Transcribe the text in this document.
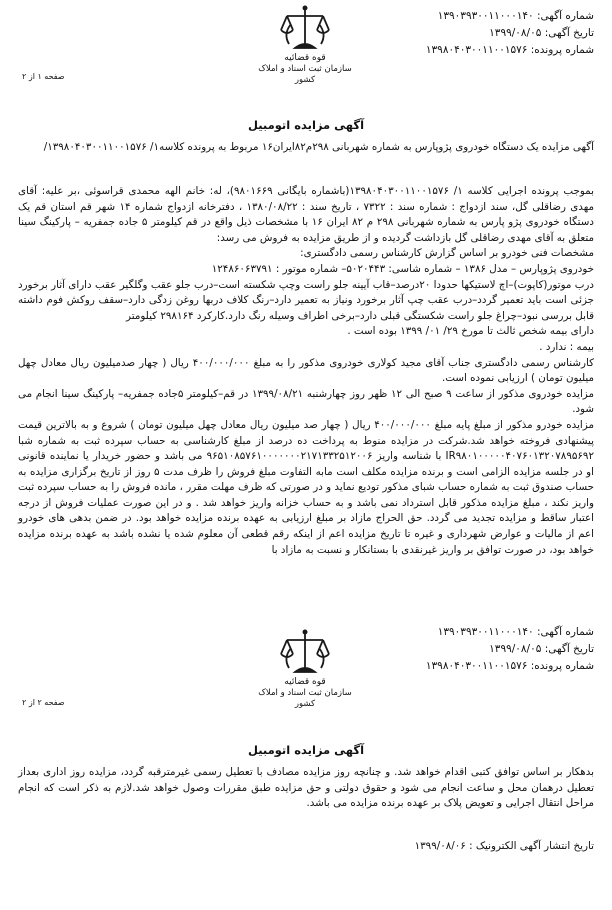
شماره آگهی: ۱۳۹۰۳۹۳۰۰۱۱۰۰۰۱۴۰
تاریخ آگهی: ۱۳۹۹/۰۸/۰۵
شماره پرونده: ۱۳۹۸۰۴۰۳۰۰۱۱۰۰۱۵۷۶
قوه قضائیه
سازمان ثبت اسناد و املاک کشور
صفحه ۱ از ۲
آگهی مزایده اتومبیل

آگهی مزایده یک دستگاه خودروی پژوپارس به شماره شهربانی ۲۹۸م۸۲ایران۱۶ مربوط به پرونده کلاسه۱/ ۱۳۹۸۰۴۰۳۰۰۱۱۰۰۱۵۷۶/

بموجب پرونده اجرایی کلاسه ۱/ ۱۳۹۸۰۴۰۳۰۰۱۱۰۰۱۵۷۶(باشماره بایگانی ۹۸۰۱۶۶۹)، له: خانم الهه محمدی قراسوئی ،بر علیه: آقای مهدی رضاقلی گل، سند ازدواج : شماره سند : ۷۳۲۲ ، تاریخ سند : ۱۳۸۰/۰۸/۲۲ ، دفترخانه ازدواج شماره ۱۴ شهر قم استان قم یک دستگاه خودروی پژو پارس به شماره شهربانی ۲۹۸ م ۸۲ ایران ۱۶ با مشخصات ذیل واقع در قم کیلومتر ۵ جاده جمفریه – پارکینگ سینا متعلق به آقای مهدی رضاقلی گل بازداشت گردیده و از طریق مزایده به فروش می رسد:

مشخصات فنی خودرو بر اساس گزارش کارشناس رسمی دادگستری:

خودروی پژوپارس – مدل ۱۳۸۶ – شماره شاسی: ۵۰۲۰۴۴۳– شماره موتور : ۱۲۴۸۶۰۶۳۷۹۱

درب موتور(کاپوت)–اچ لاستیکها حدودا ۲۰درصد–قاب آیینه جلو راست وچپ شکسته است–درب جلو عقب وگلگیر عقب دارای آثار برخورد جزئی است باید تعمیر گردد–درب عقب چپ آثار برخورد ونیاز به تعمیر دارد–رنگ کلاف دربها روغن زدگی دارد–سقف روکش فوم داشته قابل بررسی نبود–چراغ جلو راست شکستگی قبلی دارد–برخی اطراف وسیله رنگ دارد.کارکرد ۲۹۸۱۶۴ کیلومتر

دارای بیمه شخص ثالث تا مورخ ۲۹/ ۰۱/ ۱۳۹۹ بوده است .

بیمه : ندارد .

کارشناس رسمی دادگستری جناب آقای مجید کولاری خودروی مذکور را به مبلغ ۴۰۰/۰۰۰/۰۰۰ ریال ( چهار صدمیلیون ریال معادل چهل میلیون تومان ) ارزیابی نموده است.

مزایده خودروی مذکور از ساعت ۹ صبح الی ۱۲ ظهر روز چهارشنبه ۱۳۹۹/۰۸/۲۱ در قم–کیلومتر ۵جاده جمفریه– پارکینگ سینا انجام می شود.

مزایده خودرو مذکور از مبلغ پایه مبلغ ۴۰۰/۰۰۰/۰۰۰ ریال ( چهار صد میلیون ریال معادل چهل میلیون تومان ) شروع و به بالاترین قیمت پیشنهادی فروخته خواهد شد.شرکت در مزایده منوط به پرداخت ده درصد از مبلغ کارشناسی به حساب سپرده ثبت به شماره شبا IR۹۸۰۱۰۰۰۰۰۴۰۷۶۰۱۳۲۰۷۸۹۵۶۹۲ با شناسه واریز ۹۶۵۱۰۸۵۷۶۱۰۰۰۰۰۰۰۲۱۷۱۳۳۲۵۱۲۰۰۶ می باشد و حضور خریدار یا نماینده قانونی او در جلسه مزایده الزامی است و برنده مزایده مکلف است مابه التفاوت مبلغ فروش را ظرف مدت ۵ روز از تاریخ برگزاری مزایده به حساب صندوق ثبت به شماره حساب شبای مذکور تودیع نماید و در صورتی که ظرف مهلت مقرر ، مانده فروش را به حساب سپرده ثبت واریز نکند ، مبلغ مزایده مذکور قابل استرداد نمی باشد و به حساب خزانه واریز خواهد شد . و در این صورت عملیات فروش از درجه اعتبار ساقط و مزایده تجدید می گردد. حق الحراج مازاد بر مبلغ ارزیابی به عهده برنده مزایده خواهد بود. در ضمن بدهی های خودرو اعم از مالیات و عوارض شهرداری و غیره تا تاریخ مزایده اعم از اینکه رقم قطعی آن معلوم شده یا نشده باشد به عهده برنده مزایده خواهد بود، در صورت توافق بر واریز غیرنقدی با بستانکار و نسبت به مازاد با

شماره آگهی: ۱۳۹۰۳۹۳۰۰۱۱۰۰۰۱۴۰
تاریخ آگهی: ۱۳۹۹/۰۸/۰۵
شماره پرونده: ۱۳۹۸۰۴۰۳۰۰۱۱۰۰۱۵۷۶
قوه قضائیه
سازمان ثبت اسناد و املاک کشور
صفحه ۲ از ۲
آگهی مزایده اتومبیل

بدهکار بر اساس توافق کتبی اقدام خواهد شد. و چنانچه روز مزایده مصادف با تعطیل رسمی غیرمترقبه گردد، مزایده روز اداری بعداز تعطیل درهمان محل و ساعت انجام می شود و حقوق دولتی و حق مزایده طبق مقررات وصول خواهد شد.لازم به ذکر است که انجام مراحل انتقال اجرایی و تعویض پلاک بر عهده برنده مزایده می باشد.

تاریخ انتشار آگهی الکترونیک : ۱۳۹۹/۰۸/۰۶
